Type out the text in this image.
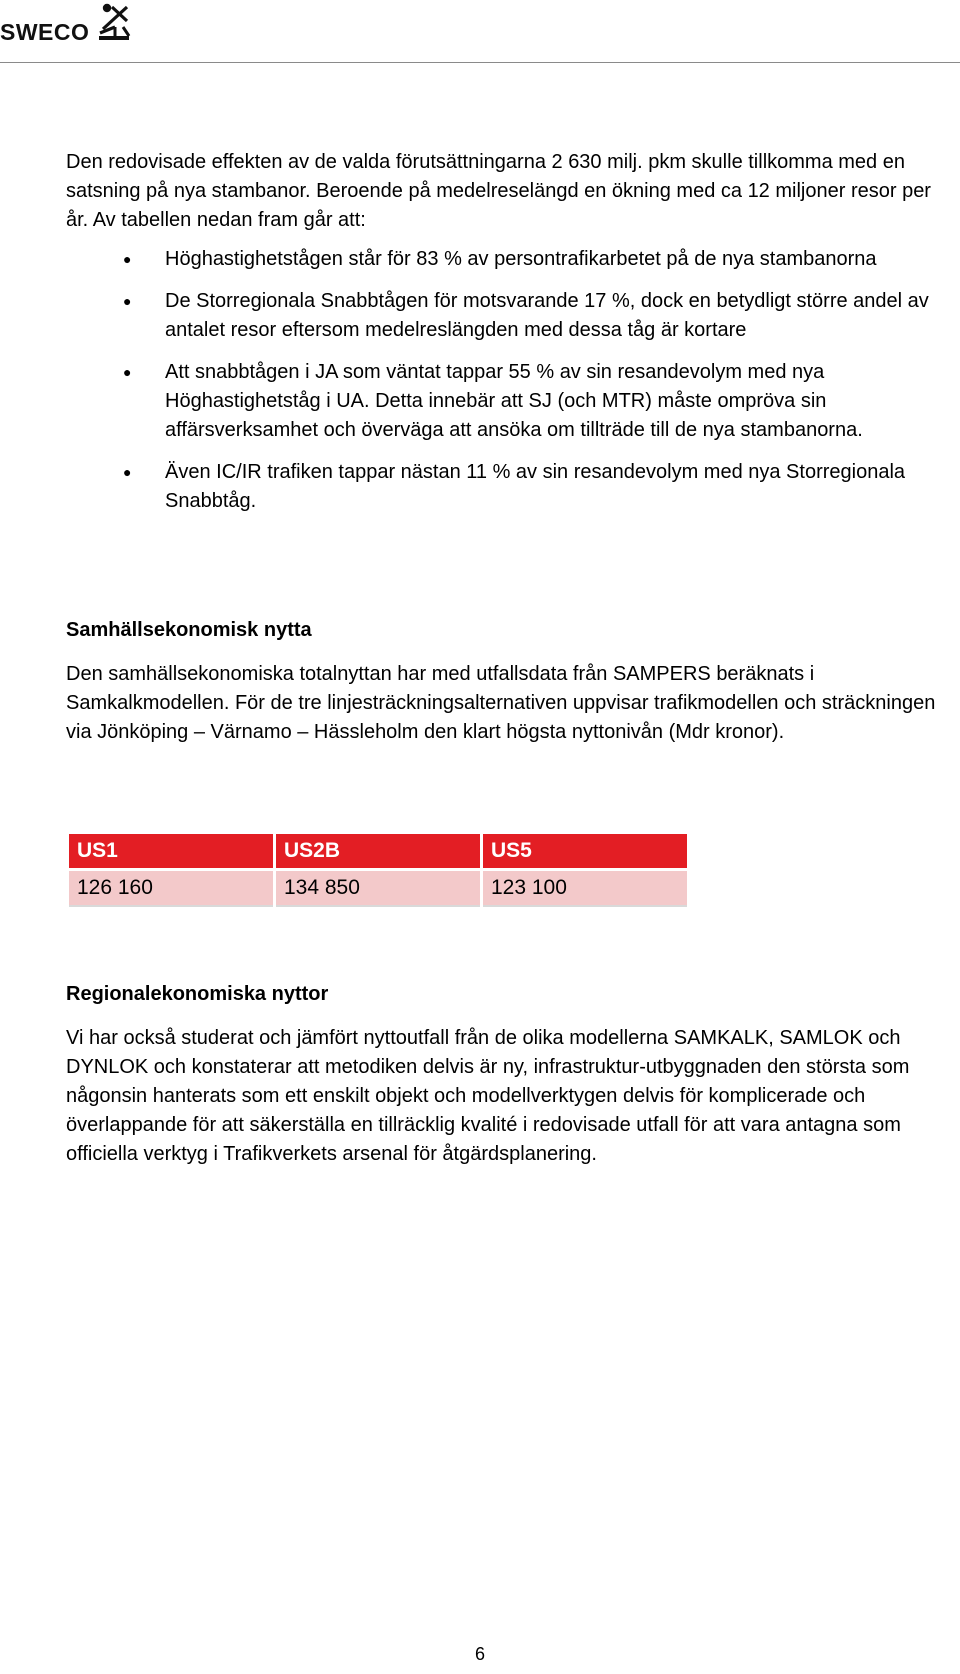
SWECO

Den redovisade effekten av de valda förutsättningarna 2 630 milj. pkm skulle tillkomma med en satsning på nya stambanor. Beroende på medelreselängd en ökning med ca 12 miljoner resor per år. Av tabellen nedan fram går att:

● Höghastighetstågen står för 83 % av persontrafikarbetet på de nya stambanorna
● De Storregionala Snabbtågen för motsvarande 17 %, dock en betydligt större andel av antalet resor eftersom medelreslängden med dessa tåg är kortare
● Att snabbtågen i JA som väntat tappar 55 % av sin resandevolym med nya Höghastighetståg i UA. Detta innebär att SJ (och MTR) måste ompröva sin affärsverksamhet och överväga att ansöka om tillträde till de nya stambanorna.
● Även IC/IR trafiken tappar nästan 11 % av sin resandevolym med nya Storregionala Snabbtåg.
Samhällsekonomisk nytta

Den samhällsekonomiska totalnyttan har med utfallsdata från SAMPERS beräknats i Samkalkmodellen. För de tre linjesträckningsalternativen uppvisar trafikmodellen och sträckningen via Jönköping – Värnamo – Hässleholm den klart högsta nyttonivån (Mdr kronor).

US1	US2B	US5
126 160	134 850	123 100
Regionalekonomiska nyttor

Vi har också studerat och jämfört nyttoutfall från de olika modellerna SAMKALK, SAMLOK och DYNLOK och konstaterar att metodiken delvis är ny, infrastruktur-utbyggnaden den största som någonsin hanterats som ett enskilt objekt och modellverktygen delvis för komplicerade och överlappande för att säkerställa en tillräcklig kvalité i redovisade utfall för att vara antagna som officiella verktyg i Trafikverkets arsenal för åtgärdsplanering.

6
